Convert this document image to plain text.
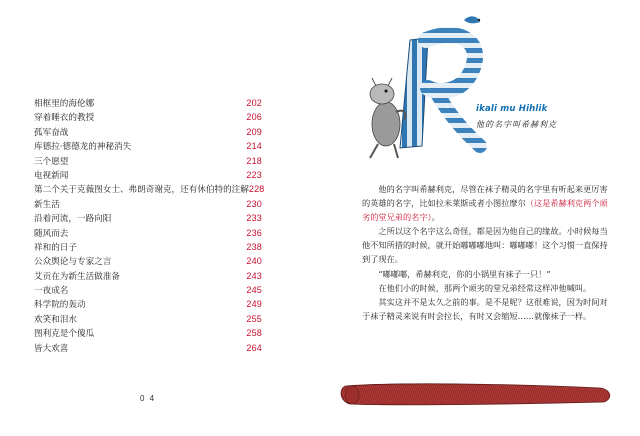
相框里的海伦娜	202
穿着睡衣的教授	206
孤军奋战	209
库德拉·德德龙的神秘消失	214
三个愿望	218
电视新闻	223
第二个关于克薇图女士、弗朗奇谢克，还有休伯特的注解 228
新生活	230
沿着河流，一路向阳	233
随风而去	236
祥和的日子	238
公众舆论与专家之言	240
艾贡在为新生活做准备	243
一夜成名	245
科学院的轰动	249
欢笑和泪水	255
图利克是个傻瓜	258
皆大欢喜	264
0 4
ikali mu Hihlik
他的名字叫希赫利克

他的名字叫希赫利克，尽管在袜子精灵的名字里有听起来更厉害的英雄的名字，比如拉米莱斯或者小图拉摩尔（这是希赫利克两个顽劣的堂兄弟的名字）。

之所以这个名字这么奇怪，都是因为他自己的缘故。小时候每当他不知所措的时候，就开始嘟嘟嘟地叫：嘟嘟嘟！这个习惯一直保持到了现在。

“嘟嘟嘟，希赫利克，你的小锅里有袜子一只！”

在他们小的时候，那两个顽劣的堂兄弟经常这样冲他喊叫。

其实这并不是太久之前的事。是不是呢？这很难说，因为时间对于袜子精灵来说有时会拉长，有时又会缩短……就像袜子一样。
